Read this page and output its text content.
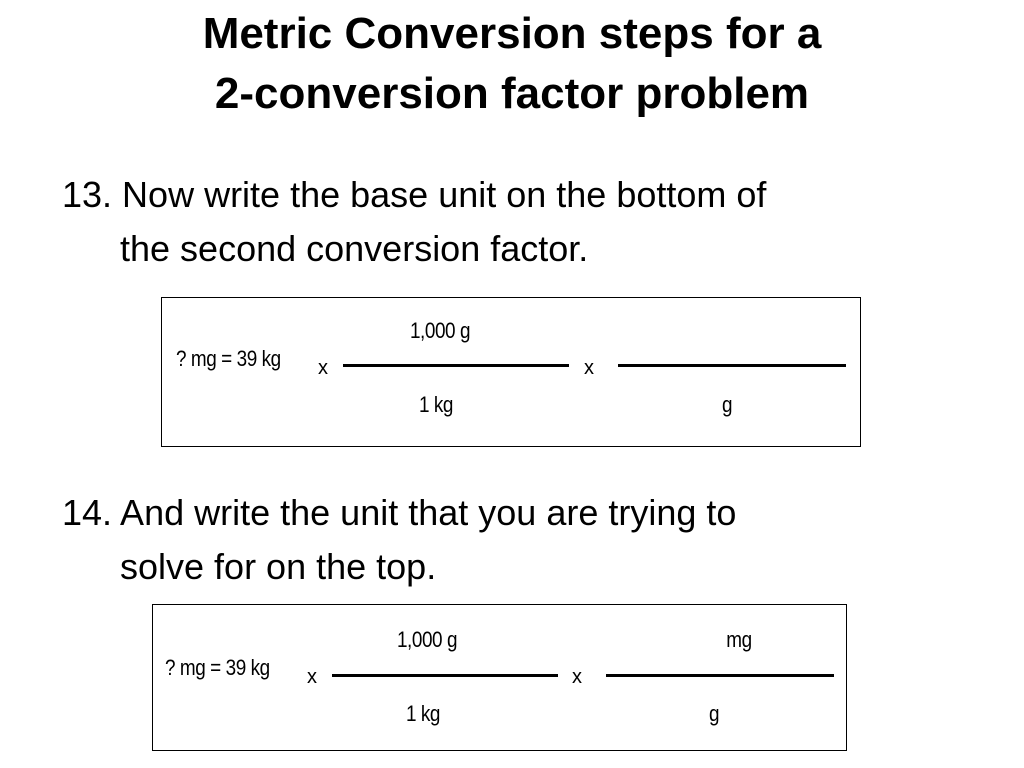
Metric Conversion steps for a
2-conversion factor problem
13. Now write the base unit on the bottom of
the second conversion factor.
? mg = 39 kg x
1,000 g
1 kg
x
g
14. And write the unit that you are trying to
solve for on the top.
? mg = 39 kg x
1,000 g
1 kg
x
mg
g
